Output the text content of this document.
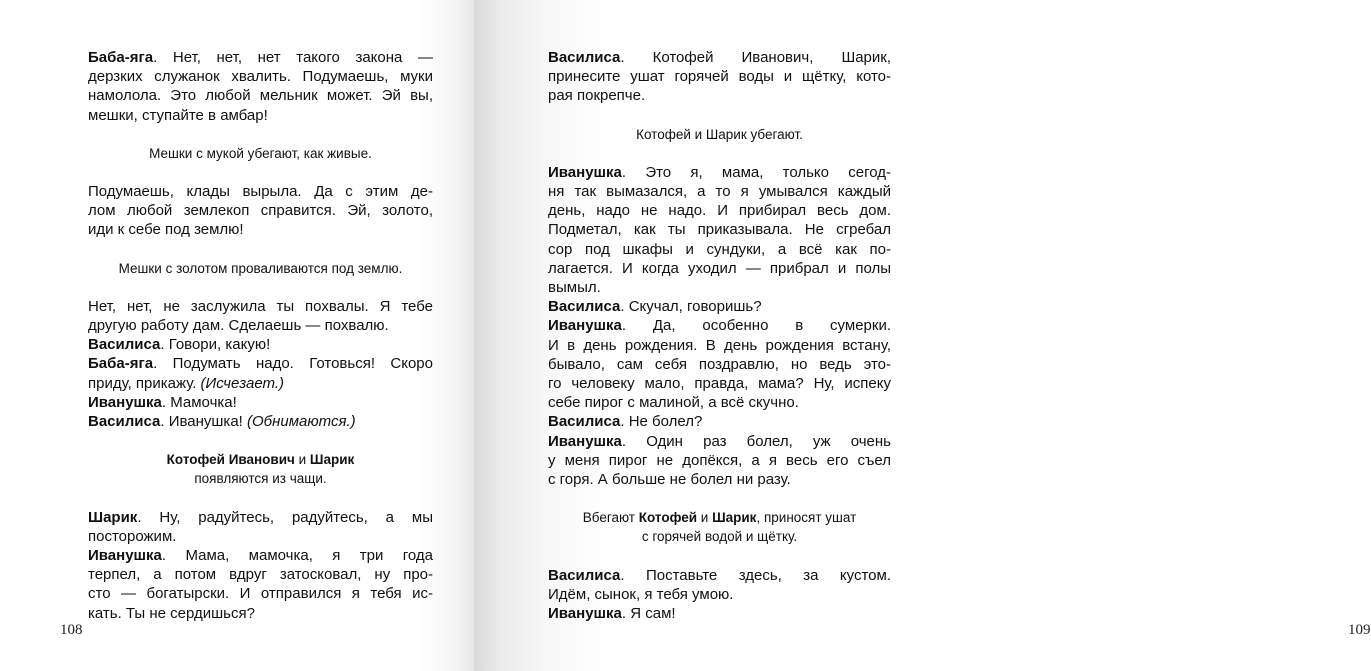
Баба-яга. Нет, нет, нет такого закона —

дерзких служанок хвалить. Подумаешь, муки

намолола. Это любой мельник может. Эй вы,

мешки, ступайте в амбар!

Мешки с мукой убегают, как живые.

Подумаешь, клады вырыла. Да с этим де-

лом любой землекоп справится. Эй, золото,

иди к себе под землю!

Мешки с золотом проваливаются под землю.

Нет, нет, не заслужила ты похвалы. Я тебе

другую работу дам. Сделаешь — похвалю.

Василиса. Говори, какую!

Баба-яга. Подумать надо. Готовься! Скоро

приду, прикажу. (Исчезает.)

Иванушка. Мамочка!

Василиса. Иванушка! (Обнимаются.)

Котофей Иванович и Шарик

появляются из чащи.

Шарик. Ну, радуйтесь, радуйтесь, а мы

посторожим.

Иванушка. Мама, мамочка, я три года

терпел, а потом вдруг затосковал, ну про-

сто — богатырски. И отправился я тебя ис-

кать. Ты не сердишься?

108	109

Василиса. Котофей Иванович, Шарик,

принесите ушат горячей воды и щётку, кото-

рая покрепче.

Котофей и Шарик убегают.

Иванушка. Это я, мама, только сегод-

ня так вымазался, а то я умывался каждый

день, надо не надо. И прибирал весь дом.

Подметал, как ты приказывала. Не сгребал

сор под шкафы и сундуки, а всё как по-

лагается. И когда уходил — прибрал и полы

вымыл.

Василиса. Скучал, говоришь?

Иванушка. Да, особенно в сумерки.

И в день рождения. В день рождения встану,

бывало, сам себя поздравлю, но ведь это-

го человеку мало, правда, мама? Ну, испеку

себе пирог с малиной, а всё скучно.

Василиса. Не болел?

Иванушка. Один раз болел, уж очень

у меня пирог не допёкся, а я весь его съел

с горя. А больше не болел ни разу.

Вбегают Котофей и Шарик, приносят ушат

с горячей водой и щётку.

Василиса. Поставьте здесь, за кустом.

Идём, сынок, я тебя умою.

Иванушка. Я сам!
